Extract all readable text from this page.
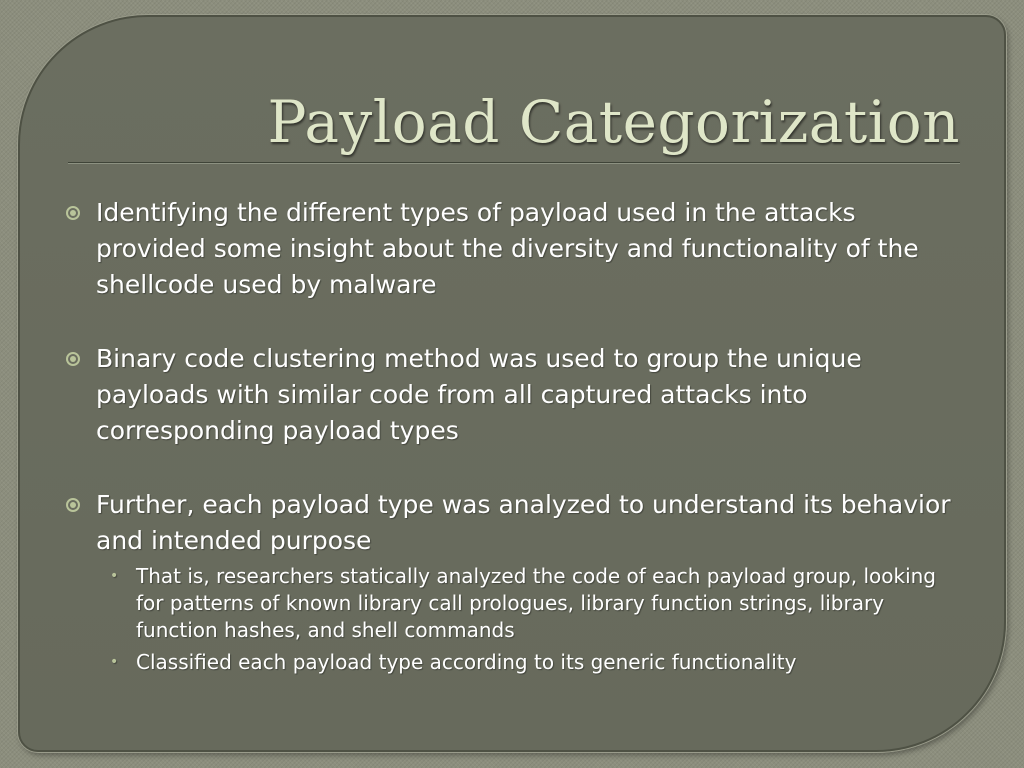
Payload Categorization
Identifying the different types of payload used in the attacks provided some insight about the diversity and functionality of the shellcode used by malware
Binary code clustering method was used to group the unique payloads with similar code from all captured attacks into corresponding payload types
Further, each payload type was analyzed to understand its behavior and intended purpose
• That is, researchers statically analyzed the code of each payload group, looking for patterns of known library call prologues, library function strings, library function hashes, and shell commands
• Classified each payload type according to its generic functionality
